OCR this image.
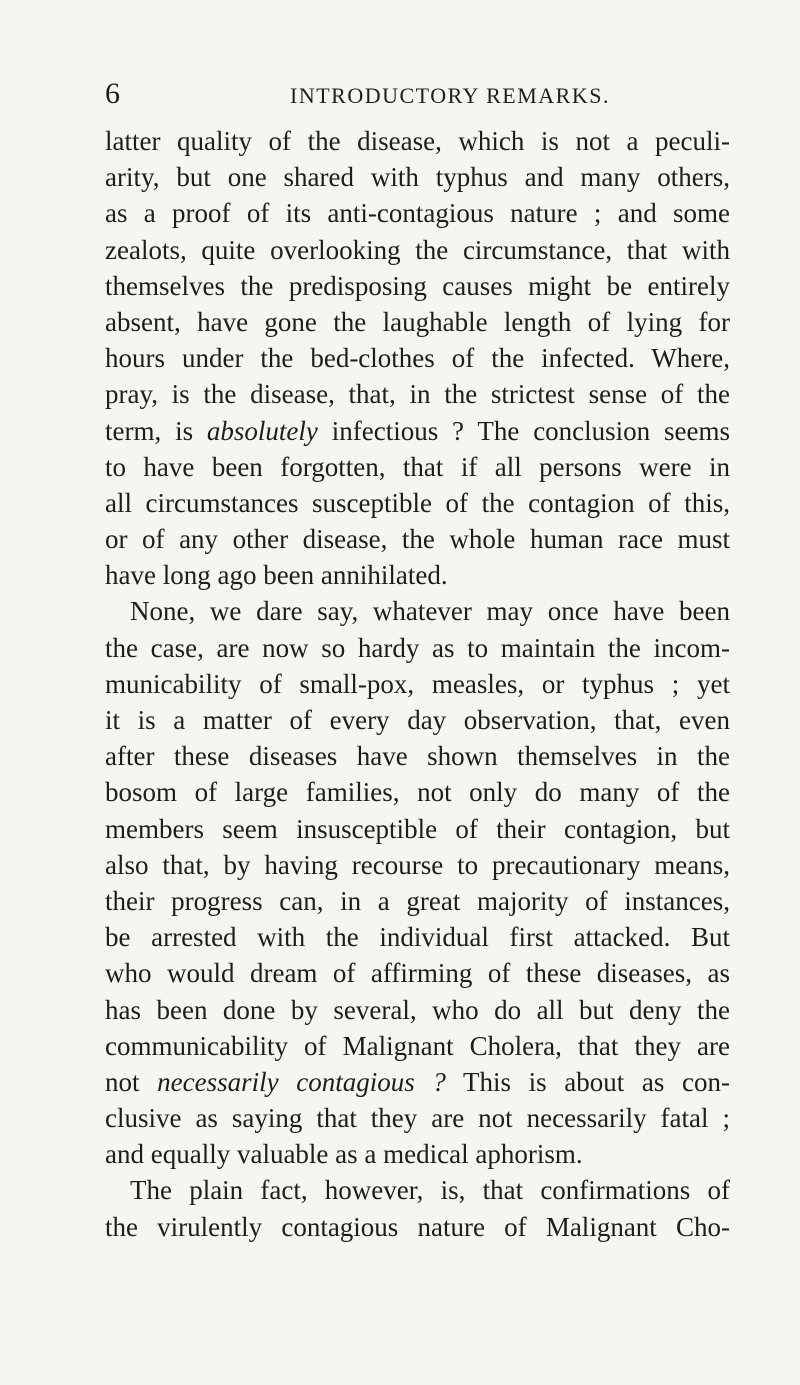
6	INTRODUCTORY REMARKS.
latter quality of the disease, which is not a peculi-
arity, but one shared with typhus and many others,
as a proof of its anti-contagious nature ; and some
zealots, quite overlooking the circumstance, that with
themselves the predisposing causes might be entirely
absent, have gone the laughable length of lying for
hours under the bed-clothes of the infected. Where,
pray, is the disease, that, in the strictest sense of the
term, is absolutely infectious ? The conclusion seems
to have been forgotten, that if all persons were in
all circumstances susceptible of the contagion of this,
or of any other disease, the whole human race must
have long ago been annihilated.
None, we dare say, whatever may once have been
the case, are now so hardy as to maintain the incom-
municability of small-pox, measles, or typhus ; yet
it is a matter of every day observation, that, even
after these diseases have shown themselves in the
bosom of large families, not only do many of the
members seem insusceptible of their contagion, but
also that, by having recourse to precautionary means,
their progress can, in a great majority of instances,
be arrested with the individual first attacked. But
who would dream of affirming of these diseases, as
has been done by several, who do all but deny the
communicability of Malignant Cholera, that they are
not necessarily contagious ? This is about as con-
clusive as saying that they are not necessarily fatal ;
and equally valuable as a medical aphorism.
The plain fact, however, is, that confirmations of
the virulently contagious nature of Malignant Cho-
